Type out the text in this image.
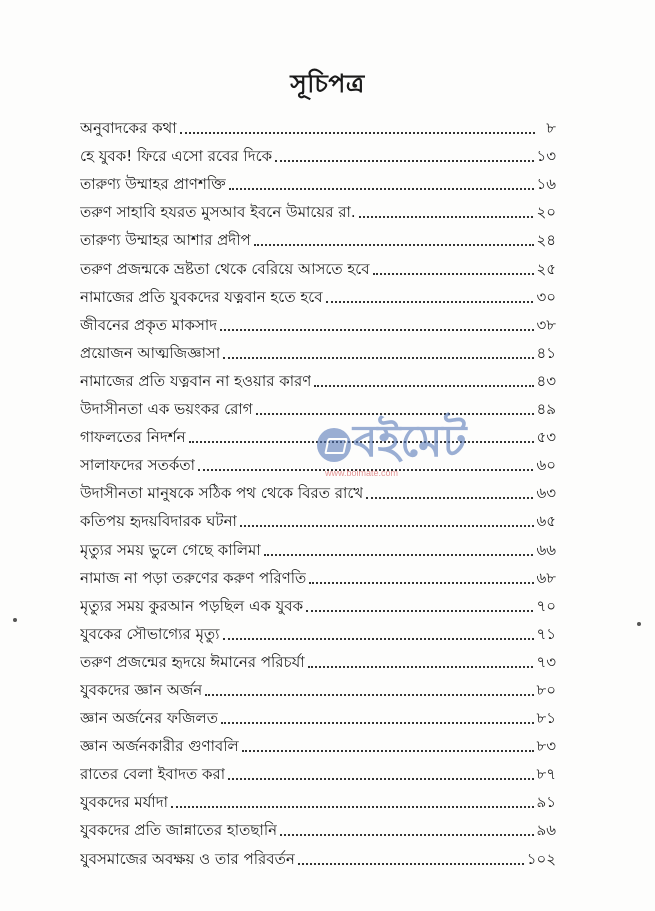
সূচিপত্র
অনুবাদকের কথা	৮
হে যুবক! ফিরে এসো রবের দিকে	১৩
তারুণ্য উম্মাহর প্রাণশক্তি	১৬
তরুণ সাহাবি হযরত মুসআব ইবনে উমায়ের রা.	২০
তারুণ্য উম্মাহর আশার প্রদীপ	২৪
তরুণ প্রজন্মকে ভ্রষ্টতা থেকে বেরিয়ে আসতে হবে	২৫
নামাজের প্রতি যুবকদের যত্নবান হতে হবে	৩০
জীবনের প্রকৃত মাকসাদ	৩৮
প্রয়োজন আত্মজিজ্ঞাসা	৪১
নামাজের প্রতি যত্নবান না হওয়ার কারণ	৪৩
উদাসীনতা এক ভয়ংকর রোগ	৪৯
গাফলতের নিদর্শন	৫৩
সালাফদের সতর্কতা	৬০
উদাসীনতা মানুষকে সঠিক পথ থেকে বিরত রাখে	৬৩
কতিপয় হৃদয়বিদারক ঘটনা	৬৫
মৃত্যুর সময় ভুলে গেছে কালিমা	৬৬
নামাজ না পড়া তরুণের করুণ পরিণতি	৬৮
মৃত্যুর সময় কুরআন পড়ছিল এক যুবক	৭০
যুবকের সৌভাগ্যের মৃত্যু	৭১
তরুণ প্রজন্মের হৃদয়ে ঈমানের পরিচর্যা	৭৩
যুবকদের জ্ঞান অর্জন	৮০
জ্ঞান অর্জনের ফজিলত	৮১
জ্ঞান অর্জনকারীর গুণাবলি	৮৩
রাতের বেলা ইবাদত করা	৮৭
যুবকদের মর্যাদা	৯১
যুবকদের প্রতি জান্নাতের হাতছানি	৯৬
যুবসমাজের অবক্ষয় ও তার পরিবর্তন	১০২
বইমেট
www.boimate.com
